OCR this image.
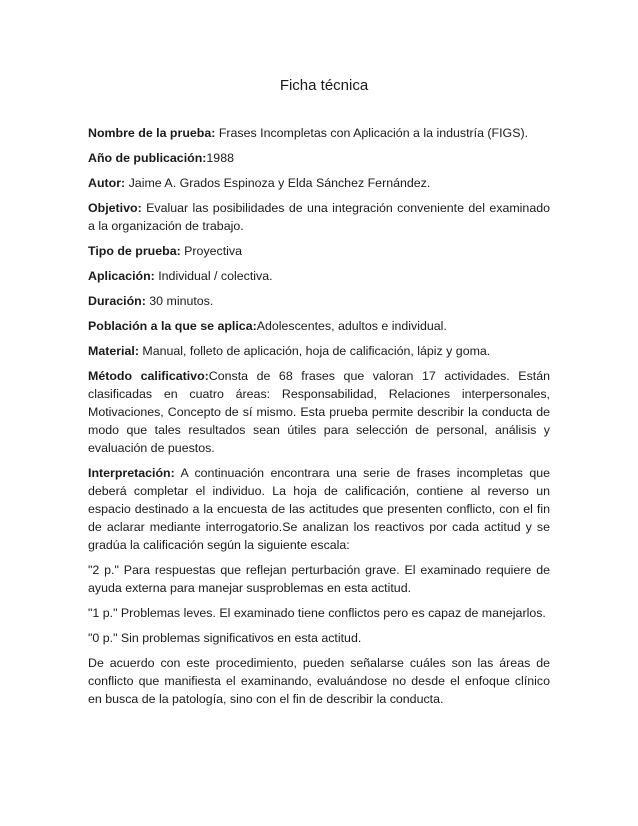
Ficha técnica

Nombre de la prueba: Frases Incompletas con Aplicación a la industría (FIGS).

Año de publicación:1988

Autor: Jaime A. Grados Espinoza y Elda Sánchez Fernández.

Objetivo: Evaluar las posibilidades de una integración conveniente del examinado a la organización de trabajo.

Tipo de prueba: Proyectiva

Aplicación: Individual / colectiva.

Duración: 30 minutos.

Población a la que se aplica:Adolescentes, adultos e individual.

Material: Manual, folleto de aplicación, hoja de calificación, lápiz y goma.

Método calificativo:Consta de 68 frases que valoran 17 actividades. Están clasificadas en cuatro áreas: Responsabilidad, Relaciones interpersonales, Motivaciones, Concepto de sí mismo. Esta prueba permite describir la conducta de modo que tales resultados sean útiles para selección de personal, análisis y evaluación de puestos.

Interpretación: A continuación encontrara una serie de frases incompletas que deberá completar el individuo. La hoja de calificación, contiene al reverso un espacio destinado a la encuesta de las actitudes que presenten conflicto, con el fin de aclarar mediante interrogatorio.Se analizan los reactivos por cada actitud y se gradúa la calificación según la siguiente escala:

"2 p." Para respuestas que reflejan perturbación grave. El examinado requiere de ayuda externa para manejar susproblemas en esta actitud.

"1 p." Problemas leves. El examinado tiene conflictos pero es capaz de manejarlos.

"0 p." Sin problemas significativos en esta actitud.

De acuerdo con este procedimiento, pueden señalarse cuáles son las áreas de conflicto que manifiesta el examinando, evaluándose no desde el enfoque clínico en busca de la patología, sino con el fin de describir la conducta.
